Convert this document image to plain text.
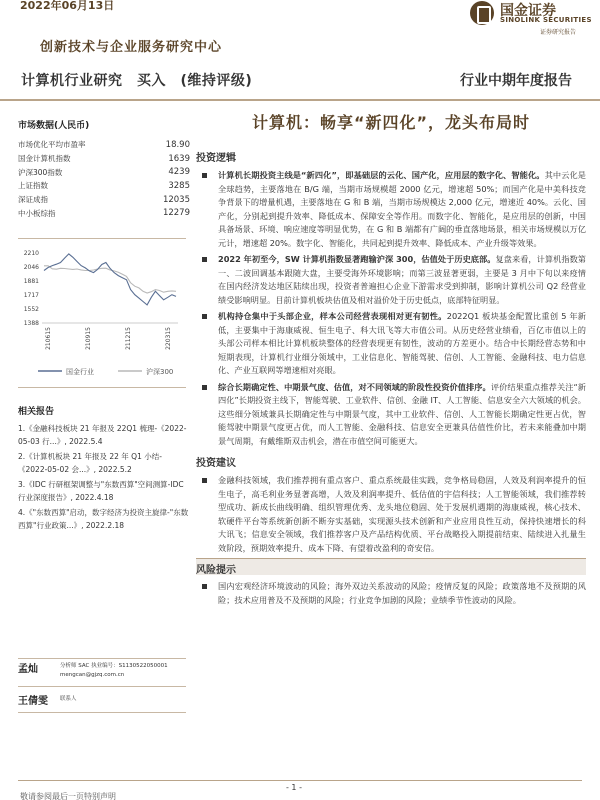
2022年06月13日
创新技术与企业服务研究中心
国金证券
SINOLINK SECURITIES
证券研究报告
计算机行业研究　买入　(维持评级)	行业中期年度报告
市场数据(人民币)
市场优化平均市盈率	18.90
国金计算机指数	1639
沪深300指数	4239
上证指数	3285
深证成指	12035
中小板综指	12279
2210
2046
1881
1717
1552
1388
210615	210915	211215	220315
国金行业	沪深300
相关报告
1.《金融科技板块 21 年报及 22Q1 梳理-《2022-05-03 行...》, 2022.5.4
2.《计算机板块 21 年报及 22 年 Q1 小结-《2022-05-02 会...》, 2022.5.2
3.《IDC 行研框架调整与"东数西算"空间测算-IDC 行业深度报告》, 2022.4.18
4.《"东数西算"启动，数字经济为投资主旋律-"东数西算"行业政策...》, 2022.2.18
孟灿	分析师 SAC 执业编号：S1130522050001
mengcan@gjzq.com.cn
王倩雯 联系人
计算机：畅享“新四化”，龙头布局时
投资逻辑
计算机长期投资主线是“新四化”，即基础层的云化、国产化，应用层的数字化、智能化。其中云化是全球趋势，主要落地在 B/G 端，当期市场规模超 2000 亿元，增速超 50%；而国产化是中美科技竞争背景下的增量机遇，主要落地在 G 和 B 端，当期市场规模达 2,000 亿元，增速近 40%。云化、国产化，分别起到提升效率、降低成本、保障安全等作用。而数字化、智能化，是应用层的创新，中国具备场景、环境、响应速度等明显优势，在 G 和 B 端都有广阔的垂直落地场景，相关市场规模以万亿元计，增速超 20%。数字化、智能化，共同起到提升效率、降低成本、产业升级等效果。
2022 年初至今，SW 计算机指数显著跑输沪深 300，估值处于历史底部。复盘来看，计算机指数第一、二波回调基本跟随大盘，主要受海外环境影响；而第三波显著更弱，主要是 3 月中下旬以来疫情在国内经济发达地区陆续出现，投资者普遍担心企业下游需求受到抑制，影响计算机公司 Q2 经营业绩受影响明显。目前计算机板块估值及相对溢价处于历史低点，底部特征明显。
机构持仓集中于头部企业，样本公司经营表现相对更有韧性。2022Q1 板块基金配置比重创 5 年新低，主要集中于海康威视、恒生电子、科大讯飞等大市值公司。从历史经营业绩看，百亿市值以上的头部公司样本相比计算机板块整体的经营表现更有韧性，波动的方差更小。结合中长期经营态势和中短期表现，计算机行业细分领域中，工业信息化、智能驾驶、信创、人工智能、金融科技、电力信息化、产业互联网等增速相对亮眼。
综合长期确定性、中期景气度、估值，对不同领域的阶段性投资价值排序。评价结果重点推荐关注“新四化”长期投资主线下，智能驾驶、工业软件、信创、金融 IT、人工智能、信息安全六大领域的机会。这些细分领域兼具长期确定性与中期景气度，其中工业软件、信创、人工智能长期确定性更占优，智能驾驶中期景气度更占优，而人工智能、金融科技、信息安全更兼具估值性价比，若未来能叠加中期景气周期，有戴维斯双击机会，潜在市值空间可能更大。
投资建议
金融科技领域，我们推荐拥有重点客户、重点系统最佳实践，竞争格局稳固，人效及利润率提升的恒生电子，高毛利业务显著高增，人效及利润率提升、低估值的宇信科技；人工智能领域，我们推荐转型成功、新成长曲线明确、组织管理优秀、龙头地位稳固、处于发展机遇期的海康威视，核心技术、软硬件平台等系统新创新不断夯实基础，实现源头技术创新和产业应用良性互动，保持快速增长的科大讯飞；信息安全领域，我们推荐客户及产品结构优质、平台战略投入期提前结束、陆续进入扎量生效阶段，预期效率提升、成本下降、有望着改盈利的奇安信。
风险提示
国内宏观经济环境波动的风险；海外双边关系波动的风险；疫情反复的风险；政策落地不及预期的风险；技术应用普及不及预期的风险；行业竞争加剧的风险；业绩季节性波动的风险。
- 1 -
敬请参阅最后一页特别声明
